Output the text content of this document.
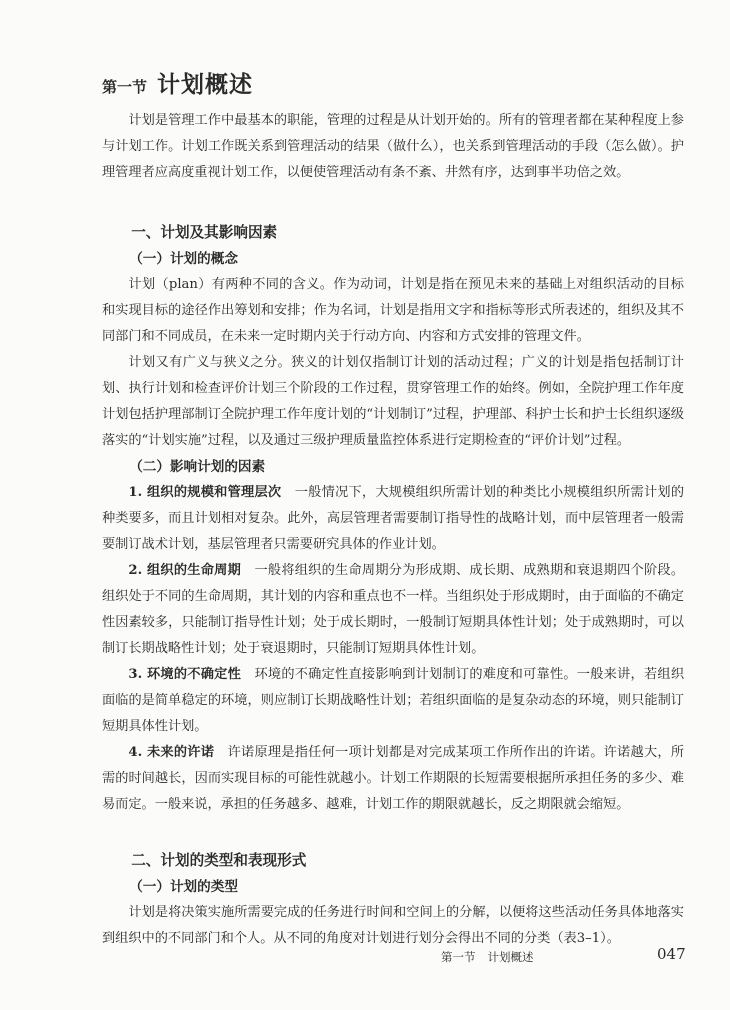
第一节 计划概述

计划是管理工作中最基本的职能，管理的过程是从计划开始的。所有的管理者都在某种程度上参与计划工作。计划工作既关系到管理活动的结果（做什么），也关系到管理活动的手段（怎么做）。护理管理者应高度重视计划工作，以便使管理活动有条不紊、井然有序，达到事半功倍之效。

一、计划及其影响因素
（一）计划的概念

计划（plan）有两种不同的含义。作为动词，计划是指在预见未来的基础上对组织活动的目标和实现目标的途径作出筹划和安排；作为名词，计划是指用文字和指标等形式所表述的，组织及其不同部门和不同成员，在未来一定时期内关于行动方向、内容和方式安排的管理文件。

计划又有广义与狭义之分。狭义的计划仅指制订计划的活动过程；广义的计划是指包括制订计划、执行计划和检查评价计划三个阶段的工作过程，贯穿管理工作的始终。例如，全院护理工作年度计划包括护理部制订全院护理工作年度计划的“计划制订”过程，护理部、科护士长和护士长组织逐级落实的“计划实施”过程，以及通过三级护理质量监控体系进行定期检查的“评价计划”过程。

（二）影响计划的因素

1. 组织的规模和管理层次　 一般情况下，大规模组织所需计划的种类比小规模组织所需计划的种类要多，而且计划相对复杂。此外，高层管理者需要制订指导性的战略计划，而中层管理者一般需要制订战术计划，基层管理者只需要研究具体的作业计划。

2. 组织的生命周期　 一般将组织的生命周期分为形成期、成长期、成熟期和衰退期四个阶段。组织处于不同的生命周期，其计划的内容和重点也不一样。当组织处于形成期时，由于面临的不确定性因素较多，只能制订指导性计划；处于成长期时，一般制订短期具体性计划；处于成熟期时，可以制订长期战略性计划；处于衰退期时，只能制订短期具体性计划。

3. 环境的不确定性　 环境的不确定性直接影响到计划制订的难度和可靠性。一般来讲，若组织面临的是简单稳定的环境，则应制订长期战略性计划；若组织面临的是复杂动态的环境，则只能制订短期具体性计划。

4. 未来的许诺　 许诺原理是指任何一项计划都是对完成某项工作所作出的许诺。许诺越大，所需的时间越长，因而实现目标的可能性就越小。计划工作期限的长短需要根据所承担任务的多少、难易而定。一般来说，承担的任务越多、越难，计划工作的期限就越长，反之期限就会缩短。

二、计划的类型和表现形式
（一）计划的类型

计划是将决策实施所需要完成的任务进行时间和空间上的分解，以便将这些活动任务具体地落实到组织中的不同部门和个人。从不同的角度对计划进行划分会得出不同的分类（表3–1）。

第一节 计划概述	047
